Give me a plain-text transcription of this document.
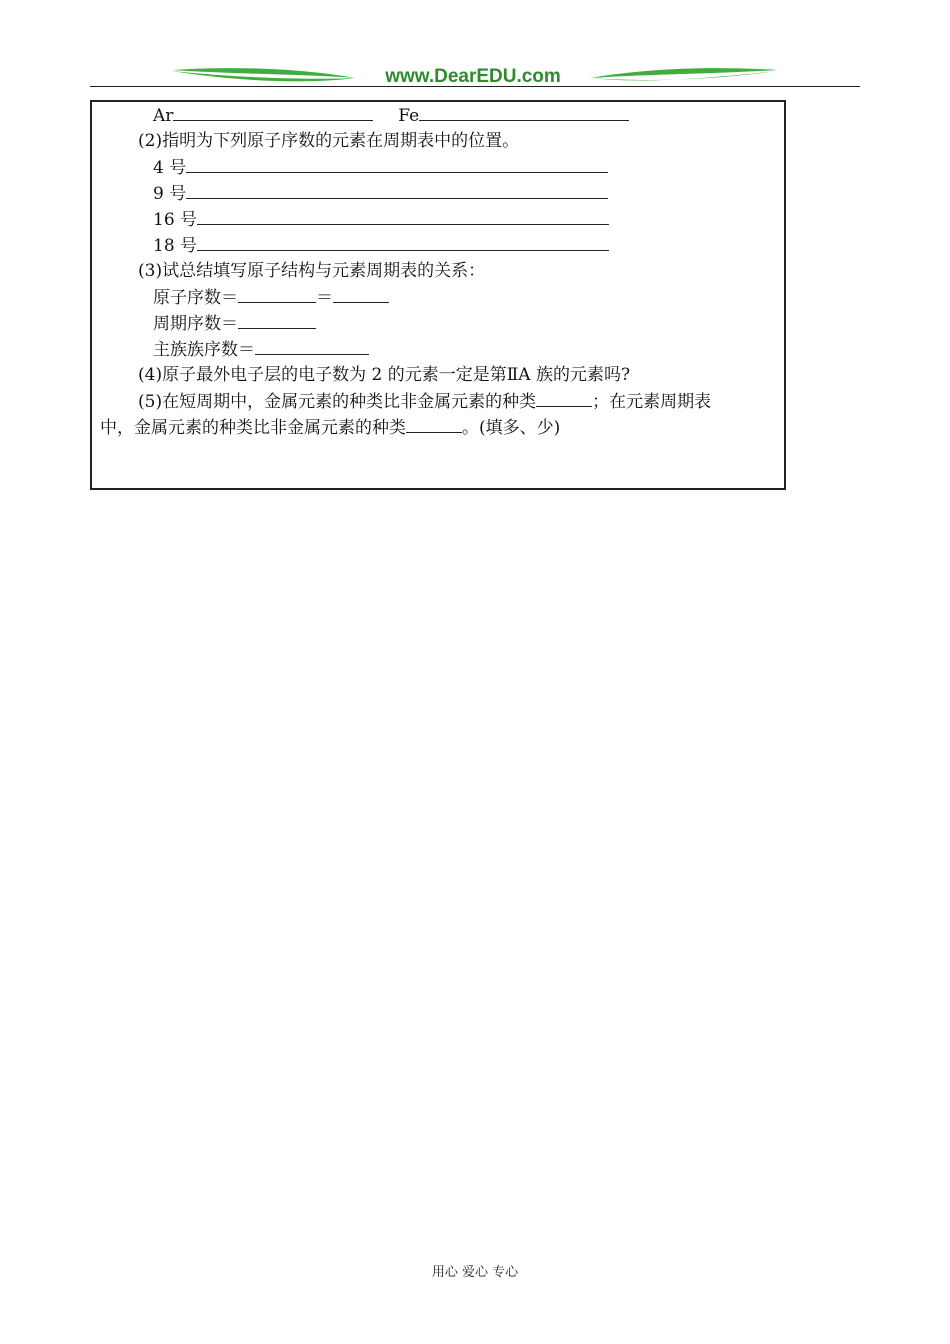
www.DearEDU.com
Ar	Fe
(2)指明为下列原子序数的元素在周期表中的位置。
4 号
9 号
16 号
18 号
(3)试总结填写原子结构与元素周期表的关系：
原子序数＝	＝
周期序数＝
主族族序数＝
(4)原子最外电子层的电子数为 2 的元素一定是第ⅡA 族的元素吗?
(5)在短周期中，金属元素的种类比非金属元素的种类	；在元素周期表
中，金属元素的种类比非金属元素的种类	。(填多、少)
用心 爱心 专心
